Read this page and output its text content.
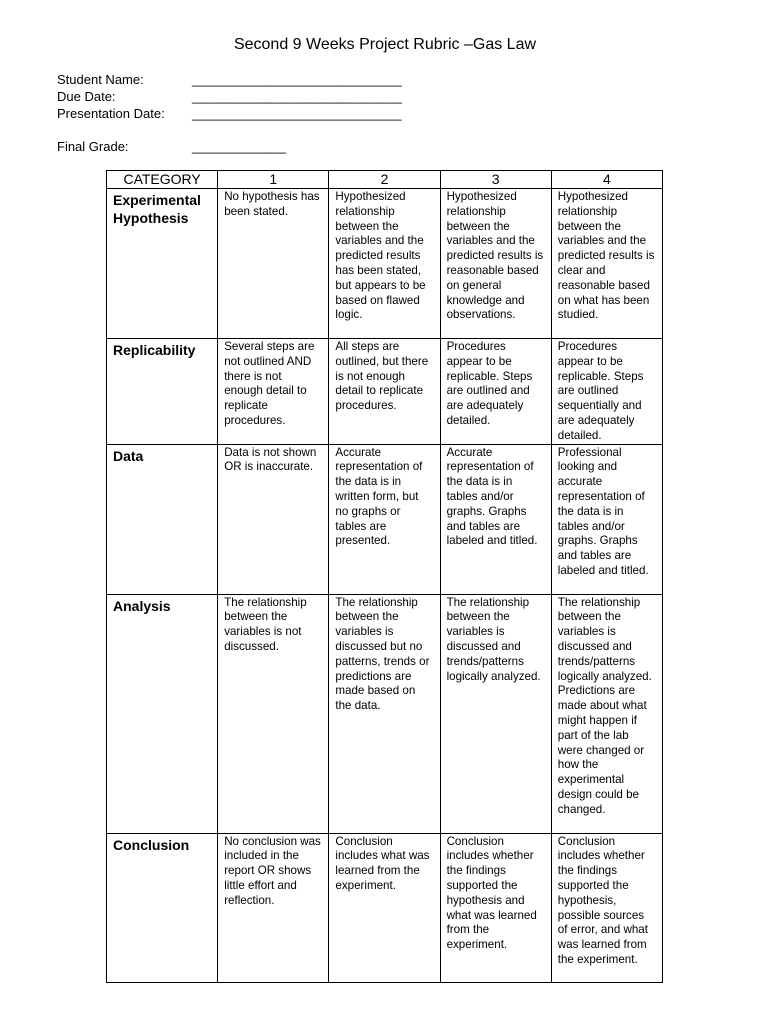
Second 9 Weeks Project Rubric –Gas Law
Student Name:	_____________________________
Due Date:	_____________________________
Presentation Date: _____________________________
Final Grade:	_____________
CATEGORY	1	2	3	4
Experimental Hypothesis	No hypothesis has been stated.	Hypothesized relationship between the variables and the predicted results has been stated, but appears to be based on flawed logic.	Hypothesized relationship between the variables and the predicted results is reasonable based on general knowledge and observations.	Hypothesized relationship between the variables and the predicted results is clear and reasonable based on what has been studied.
Replicability	Several steps are not outlined AND there is not enough detail to replicate procedures.	All steps are outlined, but there is not enough detail to replicate procedures.	Procedures appear to be replicable. Steps are outlined and are adequately detailed.	Procedures appear to be replicable. Steps are outlined sequentially and are adequately detailed.
Data	Data is not shown OR is inaccurate.	Accurate representation of the data is in written form, but no graphs or tables are presented.	Accurate representation of the data is in tables and/or graphs. Graphs and tables are labeled and titled.	Professional looking and accurate representation of the data is in tables and/or graphs. Graphs and tables are labeled and titled.
Analysis	The relationship between the variables is not discussed.	The relationship between the variables is discussed but no patterns, trends or predictions are made based on the data.	The relationship between the variables is discussed and trends/patterns logically analyzed.	The relationship between the variables is discussed and trends/patterns logically analyzed. Predictions are made about what might happen if part of the lab were changed or how the experimental design could be changed.
Conclusion	No conclusion was included in the report OR shows little effort and reflection.	Conclusion includes what was learned from the experiment.	Conclusion includes whether the findings supported the hypothesis and what was learned from the experiment.	Conclusion includes whether the findings supported the hypothesis, possible sources of error, and what was learned from the experiment.
